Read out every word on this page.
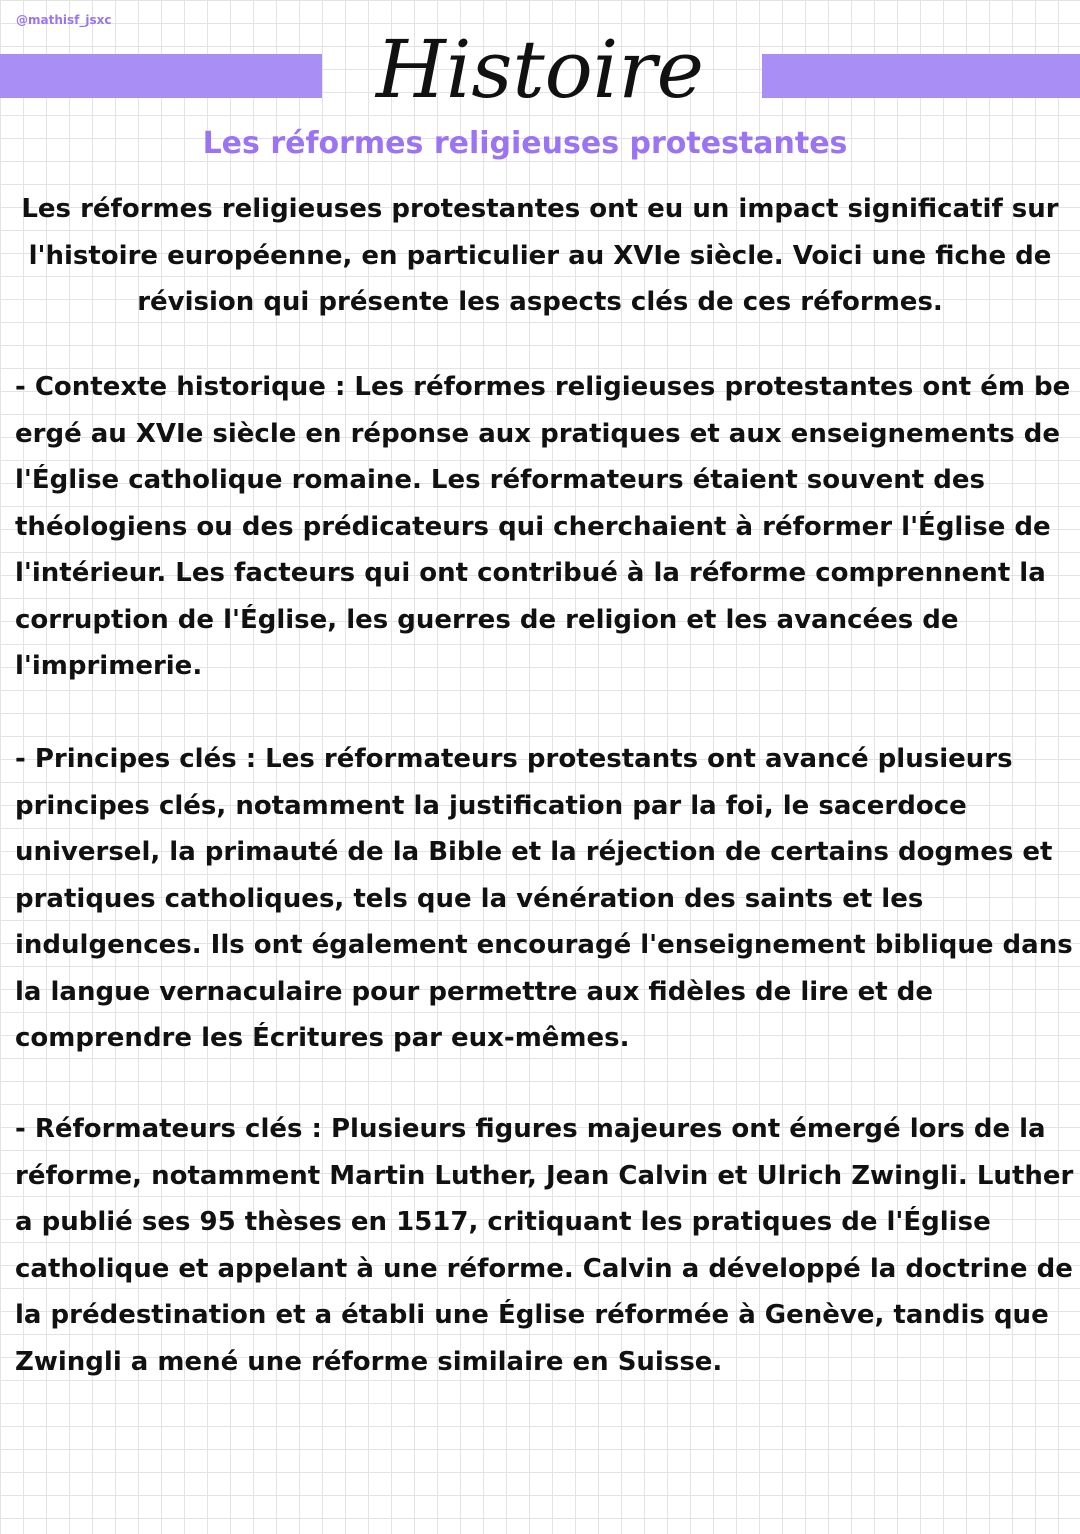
@mathisf_jsxc
Histoire
Les réformes religieuses protestantes

Les réformes religieuses protestantes ont eu un impact significatif sur l'histoire européenne, en particulier au XVIe siècle. Voici une fiche de révision qui présente les aspects clés de ces réformes.

- Contexte historique : Les réformes religieuses protestantes ont ém be ergé au XVIe siècle en réponse aux pratiques et aux enseignements de l'Église catholique romaine. Les réformateurs étaient souvent des théologiens ou des prédicateurs qui cherchaient à réformer l'Église de l'intérieur. Les facteurs qui ont contribué à la réforme comprennent la corruption de l'Église, les guerres de religion et les avancées de l'imprimerie.

- Principes clés : Les réformateurs protestants ont avancé plusieurs principes clés, notamment la justification par la foi, le sacerdoce universel, la primauté de la Bible et la réjection de certains dogmes et pratiques catholiques, tels que la vénération des saints et les indulgences. Ils ont également encouragé l'enseignement biblique dans la langue vernaculaire pour permettre aux fidèles de lire et de comprendre les Écritures par eux-mêmes.

- Réformateurs clés : Plusieurs figures majeures ont émergé lors de la réforme, notamment Martin Luther, Jean Calvin et Ulrich Zwingli. Luther a publié ses 95 thèses en 1517, critiquant les pratiques de l'Église catholique et appelant à une réforme. Calvin a développé la doctrine de la prédestination et a établi une Église réformée à Genève, tandis que Zwingli a mené une réforme similaire en Suisse.
